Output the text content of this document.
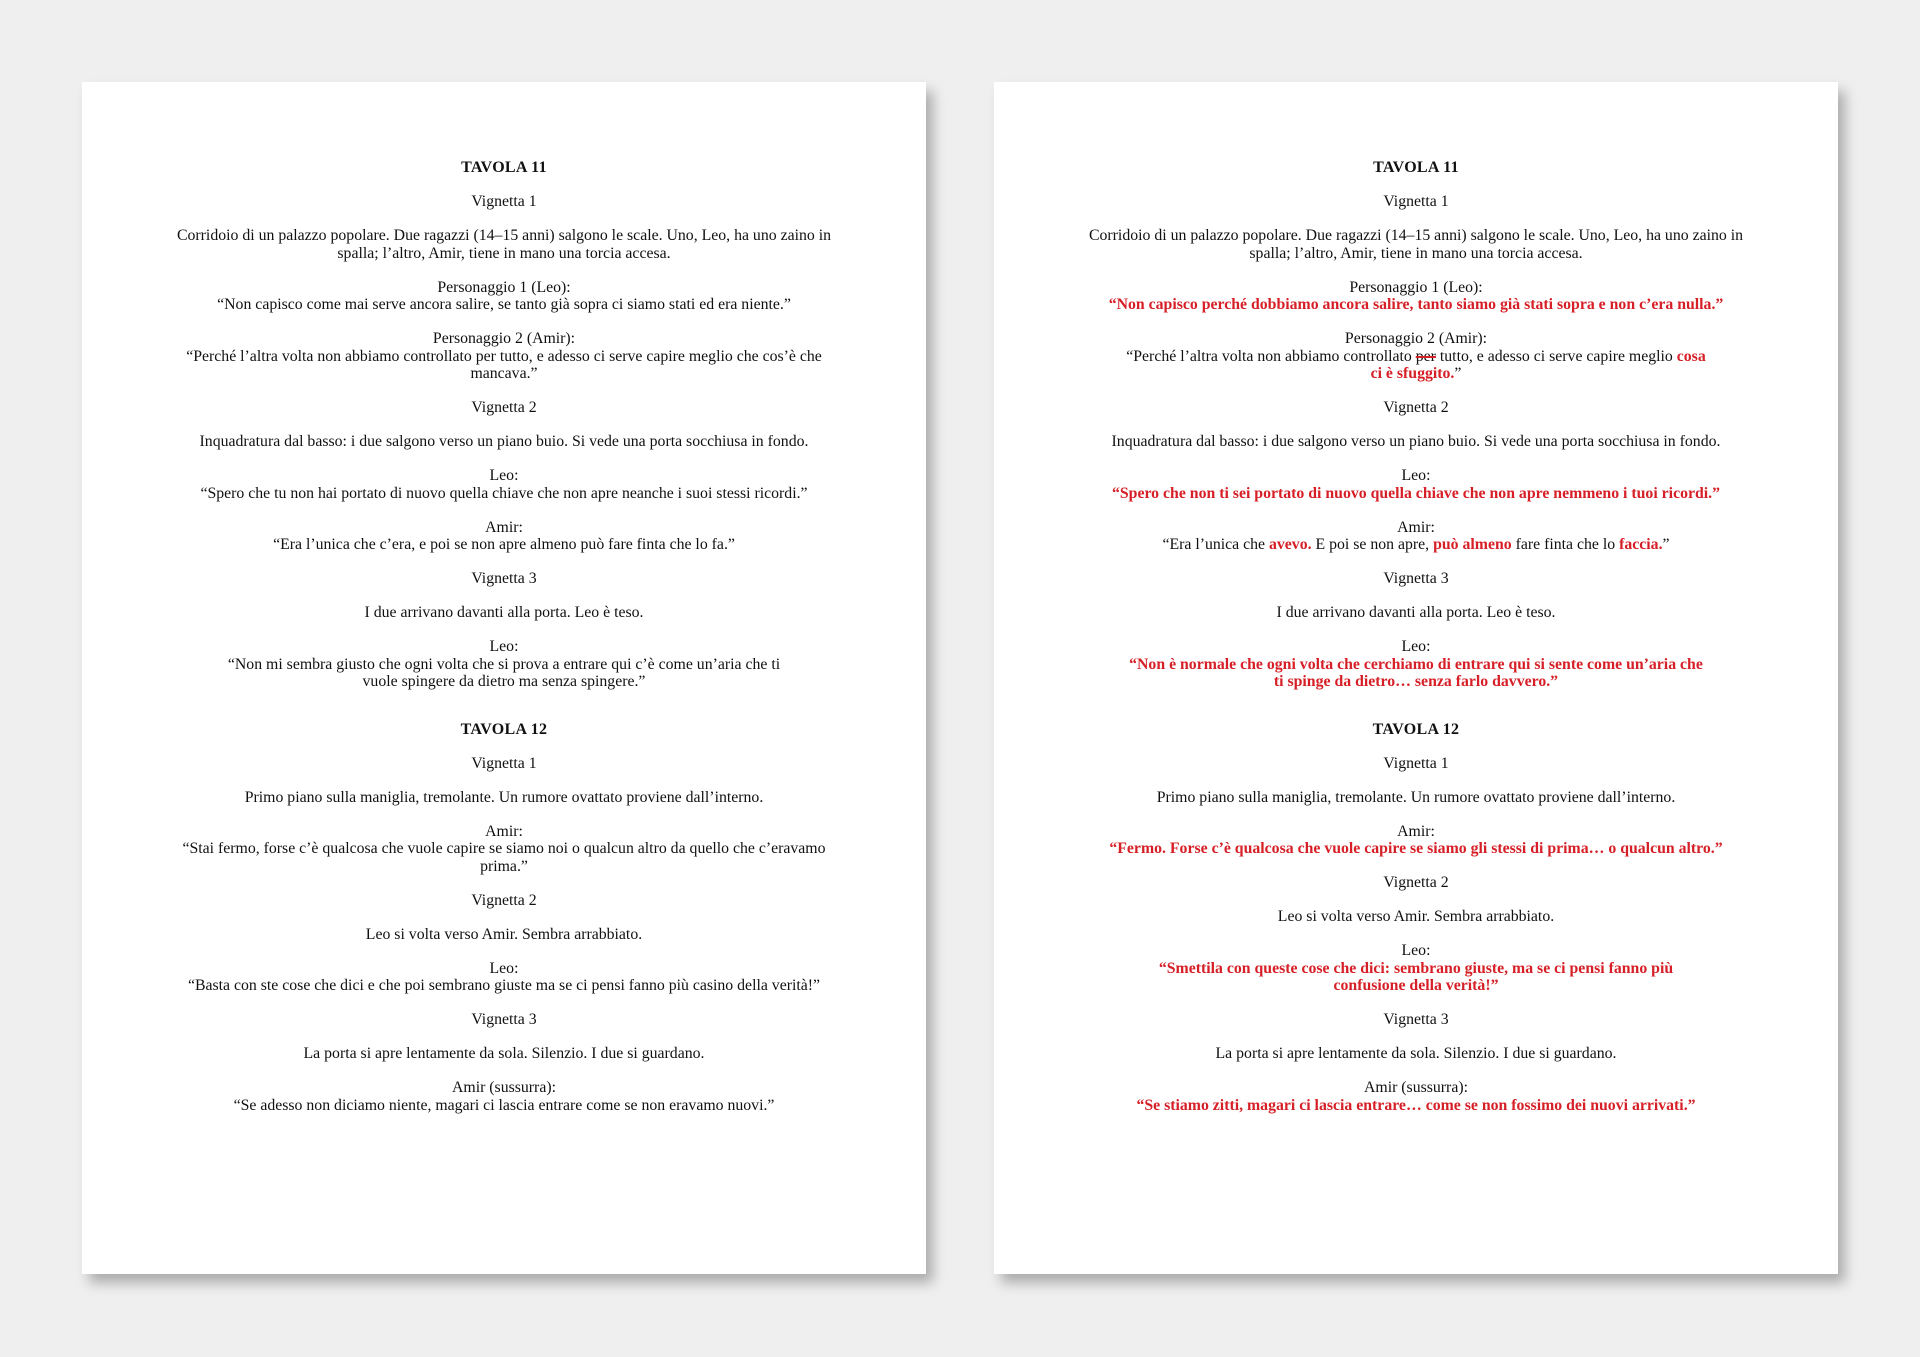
TAVOLA 11

Vignetta 1

Corridoio di un palazzo popolare. Due ragazzi (14–15 anni) salgono le scale. Uno, Leo, ha uno zaino in spalla; l’altro, Amir, tiene in mano una torcia accesa.

Personaggio 1 (Leo):

“Non capisco come mai serve ancora salire, se tanto già sopra ci siamo stati ed era niente.”

Personaggio 2 (Amir):

“Perché l’altra volta non abbiamo controllato per tutto, e adesso ci serve capire meglio che cos’è che mancava.”

Vignetta 2

Inquadratura dal basso: i due salgono verso un piano buio. Si vede una porta socchiusa in fondo.

Leo:

“Spero che tu non hai portato di nuovo quella chiave che non apre neanche i suoi stessi ricordi.”

Amir:

“Era l’unica che c’era, e poi se non apre almeno può fare finta che lo fa.”

Vignetta 3

I due arrivano davanti alla porta. Leo è teso.

Leo:

“Non mi sembra giusto che ogni volta che si prova a entrare qui c’è come un’aria che ti vuole spingere da dietro ma senza spingere.”

TAVOLA 12

Vignetta 1

Primo piano sulla maniglia, tremolante. Un rumore ovattato proviene dall’interno.

Amir:

“Stai fermo, forse c’è qualcosa che vuole capire se siamo noi o qualcun altro da quello che c’eravamo prima.”

Vignetta 2

Leo si volta verso Amir. Sembra arrabbiato.

Leo:

“Basta con ste cose che dici e che poi sembrano giuste ma se ci pensi fanno più casino della verità!”

Vignetta 3

La porta si apre lentamente da sola. Silenzio. I due si guardano.

Amir (sussurra):

“Se adesso non diciamo niente, magari ci lascia entrare come se non eravamo nuovi.”

TAVOLA 11

Vignetta 1

Corridoio di un palazzo popolare. Due ragazzi (14–15 anni) salgono le scale. Uno, Leo, ha uno zaino in spalla; l’altro, Amir, tiene in mano una torcia accesa.

Personaggio 1 (Leo):

“Non capisco perché dobbiamo ancora salire, tanto siamo già stati sopra e non c’era nulla.”

Personaggio 2 (Amir):

“Perché l’altra volta non abbiamo controllato per tutto, e adesso ci serve capire meglio cosa ci è sfuggito.”

Vignetta 2

Inquadratura dal basso: i due salgono verso un piano buio. Si vede una porta socchiusa in fondo.

Leo:

“Spero che non ti sei portato di nuovo quella chiave che non apre nemmeno i tuoi ricordi.”

Amir:

“Era l’unica che avevo. E poi se non apre, può almeno fare finta che lo faccia.”

Vignetta 3

I due arrivano davanti alla porta. Leo è teso.

Leo:

“Non è normale che ogni volta che cerchiamo di entrare qui si sente come un’aria che ti spinge da dietro… senza farlo davvero.”

TAVOLA 12

Vignetta 1

Primo piano sulla maniglia, tremolante. Un rumore ovattato proviene dall’interno.

Amir:

“Fermo. Forse c’è qualcosa che vuole capire se siamo gli stessi di prima… o qualcun altro.”

Vignetta 2

Leo si volta verso Amir. Sembra arrabbiato.

Leo:

“Smettila con queste cose che dici: sembrano giuste, ma se ci pensi fanno più confusione della verità!”

Vignetta 3

La porta si apre lentamente da sola. Silenzio. I due si guardano.

Amir (sussurra):

“Se stiamo zitti, magari ci lascia entrare… come se non fossimo dei nuovi arrivati.”
